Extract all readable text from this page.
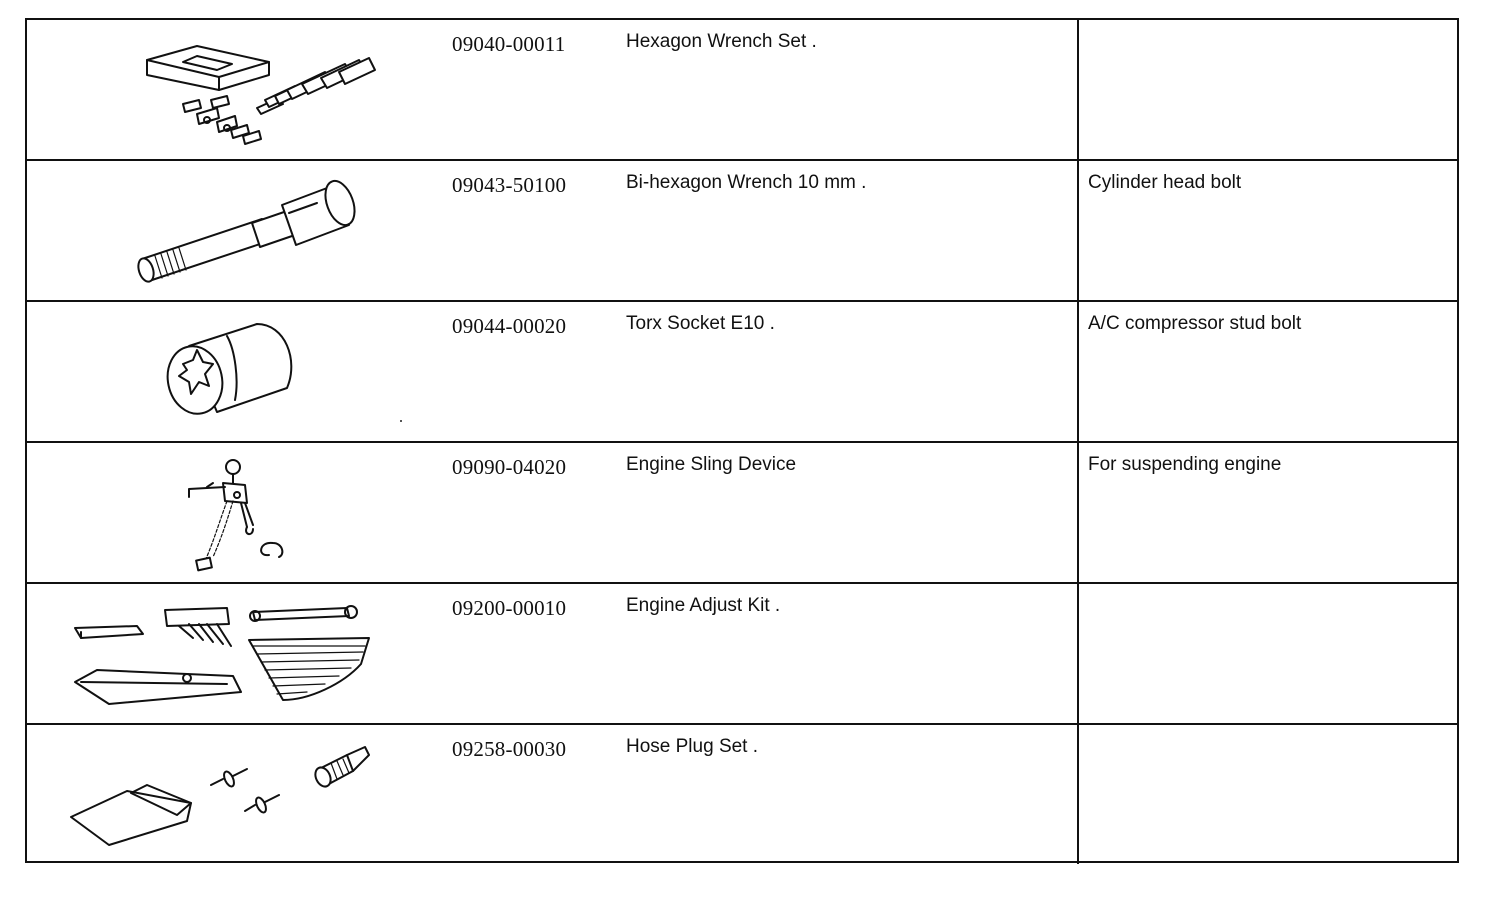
09040-00011	Hexagon Wrench Set .
09043-50100	Bi-hexagon Wrench 10 mm .	Cylinder head bolt
09044-00020	Torx Socket E10 .	A/C compressor stud bolt
09090-04020	Engine Sling Device	For suspending engine
09200-00010	Engine Adjust Kit .
09258-00030	Hose Plug Set .
